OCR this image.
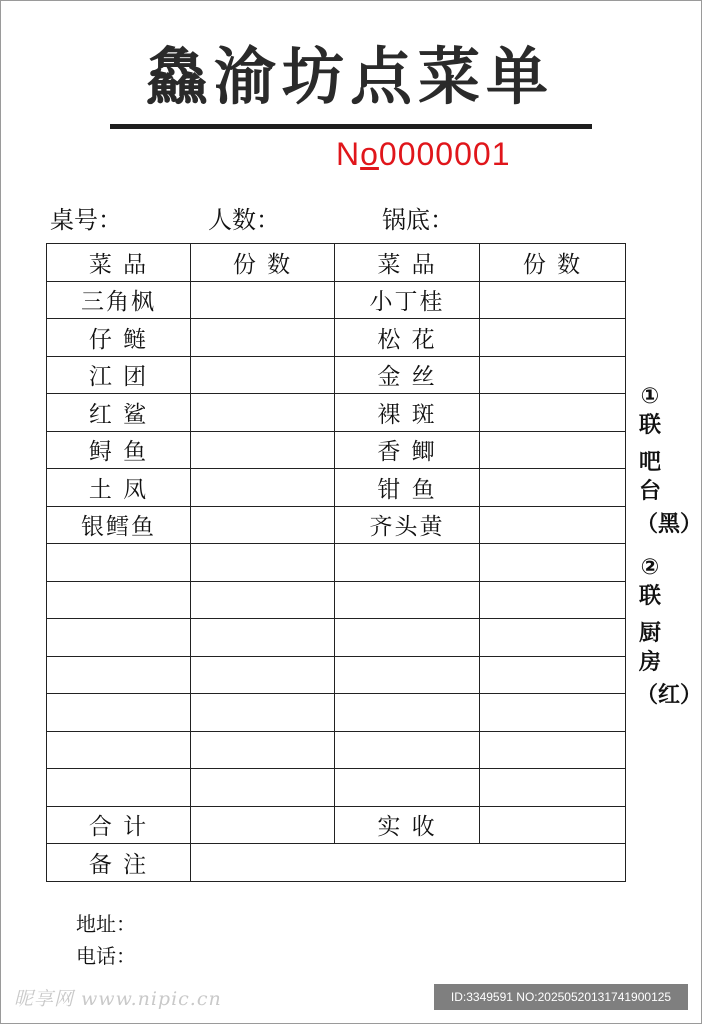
鱻渝坊点菜单
No0000001
桌号：	人数：	锅底：
菜 品	份 数	菜 品	份 数
三角枫		小丁桂	
仔 鲢		松 花	
江 团		金 丝	
红 鲨		裸 斑	
鲟 鱼		香 鲫	
土 凤		钳 鱼	
银鳕鱼		齐头黄	

合 计		实 收	
备 注			
①
联
吧台
（黑）
②
联
厨房
（红）
地址：
电话：
昵享网 www.nipic.cn	ID:3349591 NO:20250520131741900125
